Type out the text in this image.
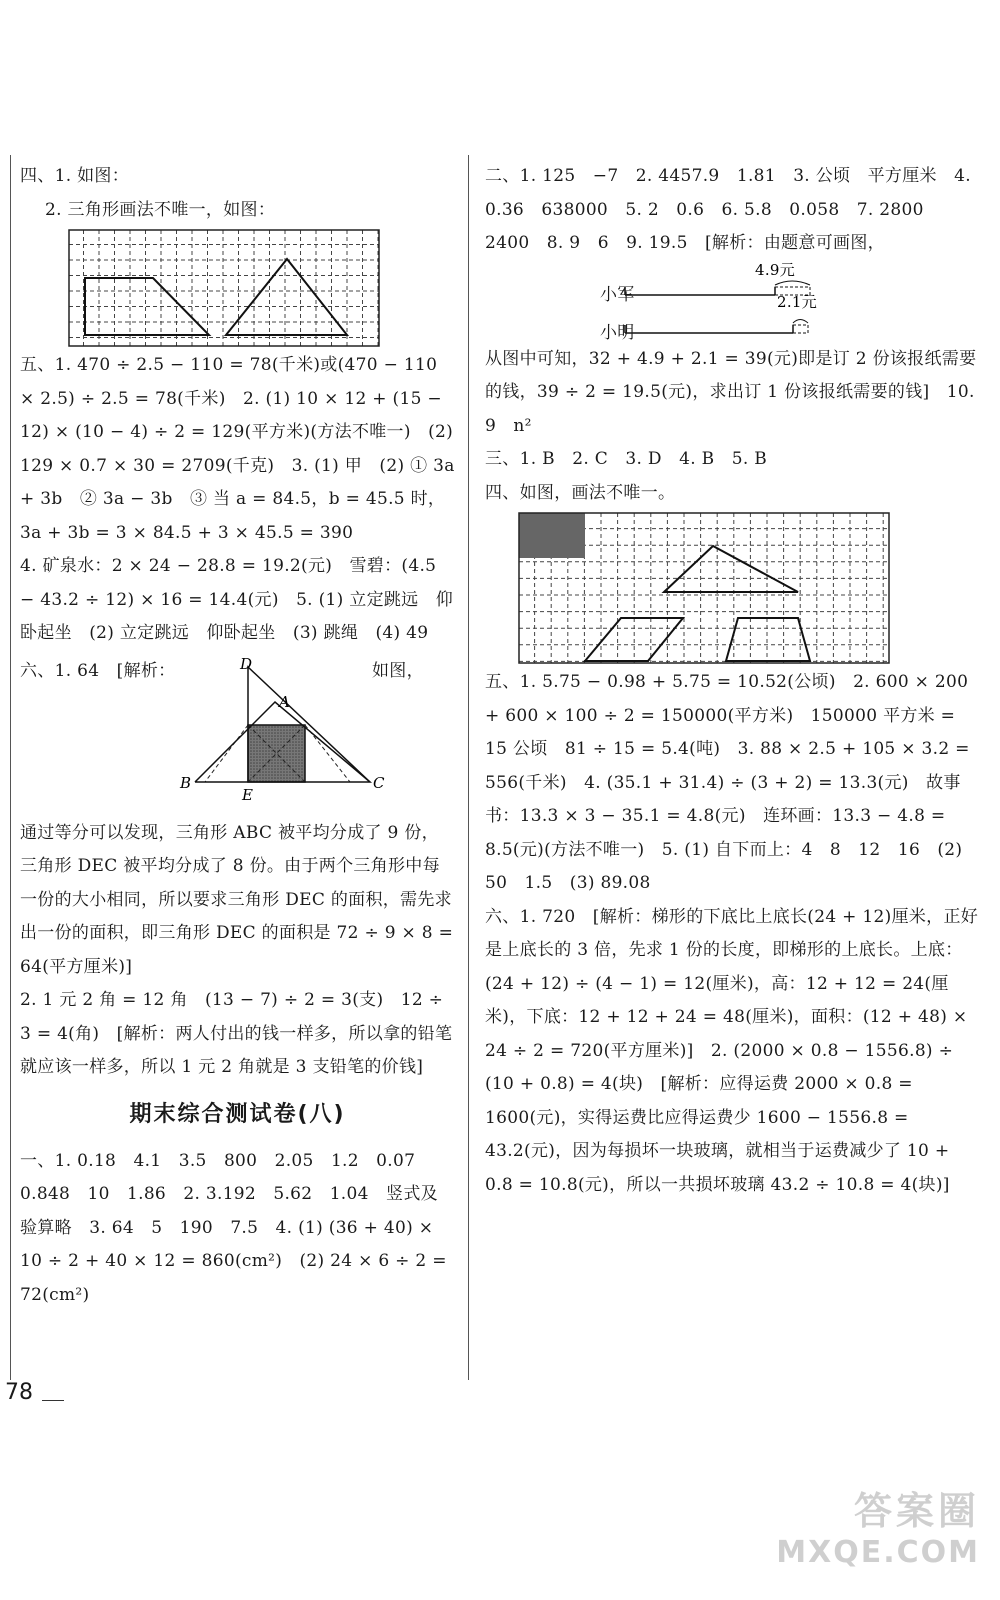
四、1. 如图：

2. 三角形画法不唯一，如图：

五、1. 470 ÷ 2.5 − 110 = 78(千米)或(470 − 110 × 2.5) ÷ 2.5 = 78(千米)　2. (1) 10 × 12 + (15 − 12) × (10 − 4) ÷ 2 = 129(平方米)(方法不唯一)　(2) 129 × 0.7 × 30 = 2709(千克)　3. (1) 甲　(2) ① 3a + 3b　② 3a − 3b　③ 当 a = 84.5，b = 45.5 时，3a + 3b = 3 × 84.5 + 3 × 45.5 = 390

4. 矿泉水：2 × 24 − 28.8 = 19.2(元)　雪碧：(4.5 − 43.2 ÷ 12) × 16 = 14.4(元)　5. (1) 立定跳远　仰卧起坐　(2) 立定跳远　仰卧起坐　(3) 跳绳　(4) 49

六、1. 64　[解析：	如图，
D
A
B
E
C

通过等分可以发现，三角形 ABC 被平均分成了 9 份，三角形 DEC 被平均分成了 8 份。由于两个三角形中每一份的大小相同，所以要求三角形 DEC 的面积，需先求出一份的面积，即三角形 DEC 的面积是 72 ÷ 9 × 8 = 64(平方厘米)]

2. 1 元 2 角 = 12 角　(13 − 7) ÷ 2 = 3(支)　12 ÷ 3 = 4(角)　[解析：两人付出的钱一样多，所以拿的铅笔就应该一样多，所以 1 元 2 角就是 3 支铅笔的价钱]

期末综合测试卷(八)

一、1. 0.18　4.1　3.5　800　2.05　1.2　0.07　0.848　10　1.86　2. 3.192　5.62　1.04　竖式及验算略　3. 64　5　190　7.5　4. (1) (36 + 40) × 10 ÷ 2 + 40 × 12 = 860(cm²)　(2) 24 × 6 ÷ 2 = 72(cm²)

二、1. 125　−7　2. 4457.9　1.81　3. 公顷　平方厘米　4. 0.36　638000　5. 2　0.6　6. 5.8　0.058　7. 2800　2400　8. 9　6　9. 19.5　[解析：由题意可画图，

4.9元
2.1元
小军
小明

从图中可知，32 + 4.9 + 2.1 = 39(元)即是订 2 份该报纸需要的钱，39 ÷ 2 = 19.5(元)，求出订 1 份该报纸需要的钱]　10. 9　n²

三、1. B　2. C　3. D　4. B　5. B

四、如图，画法不唯一。

五、1. 5.75 − 0.98 + 5.75 = 10.52(公顷)　2. 600 × 200 + 600 × 100 ÷ 2 = 150000(平方米)　150000 平方米 = 15 公顷　81 ÷ 15 = 5.4(吨)　3. 88 × 2.5 + 105 × 3.2 = 556(千米)　4. (35.1 + 31.4) ÷ (3 + 2) = 13.3(元)　故事书：13.3 × 3 − 35.1 = 4.8(元)　连环画：13.3 − 4.8 = 8.5(元)(方法不唯一)　5. (1) 自下而上：4　8　12　16　(2) 50　1.5　(3) 89.08

六、1. 720　[解析：梯形的下底比上底长(24 + 12)厘米，正好是上底长的 3 倍，先求 1 份的长度，即梯形的上底长。上底：(24 + 12) ÷ (4 − 1) = 12(厘米)，高：12 + 12 = 24(厘米)，下底：12 + 12 + 24 = 48(厘米)，面积：(12 + 48) × 24 ÷ 2 = 720(平方厘米)]　2. (2000 × 0.8 − 1556.8) ÷ (10 + 0.8) = 4(块)　[解析：应得运费 2000 × 0.8 = 1600(元)，实得运费比应得运费少 1600 − 1556.8 = 43.2(元)，因为每损坏一块玻璃，就相当于运费减少了 10 + 0.8 = 10.8(元)，所以一共损坏玻璃 43.2 ÷ 10.8 = 4(块)]

78
答案圈
MXQE.COM
